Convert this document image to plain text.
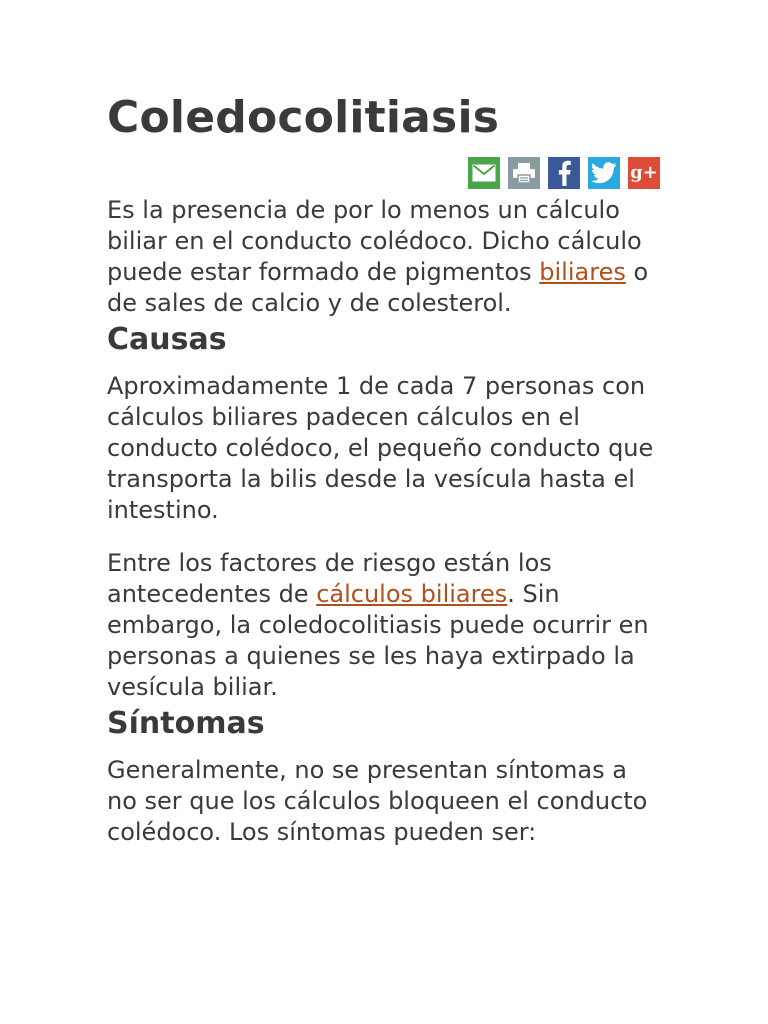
Coledocolitiasis
g+

Es la presencia de por lo menos un cálculo biliar en el conducto colédoco. Dicho cálculo puede estar formado de pigmentos biliares o de sales de calcio y de colesterol.

Causas

Aproximadamente 1 de cada 7 personas con cálculos biliares padecen cálculos en el conducto colédoco, el pequeño conducto que transporta la bilis desde la vesícula hasta el intestino.

Entre los factores de riesgo están los antecedentes de cálculos biliares. Sin embargo, la coledocolitiasis puede ocurrir en personas a quienes se les haya extirpado la vesícula biliar.

Síntomas

Generalmente, no se presentan síntomas a no ser que los cálculos bloqueen el conducto colédoco. Los síntomas pueden ser:
